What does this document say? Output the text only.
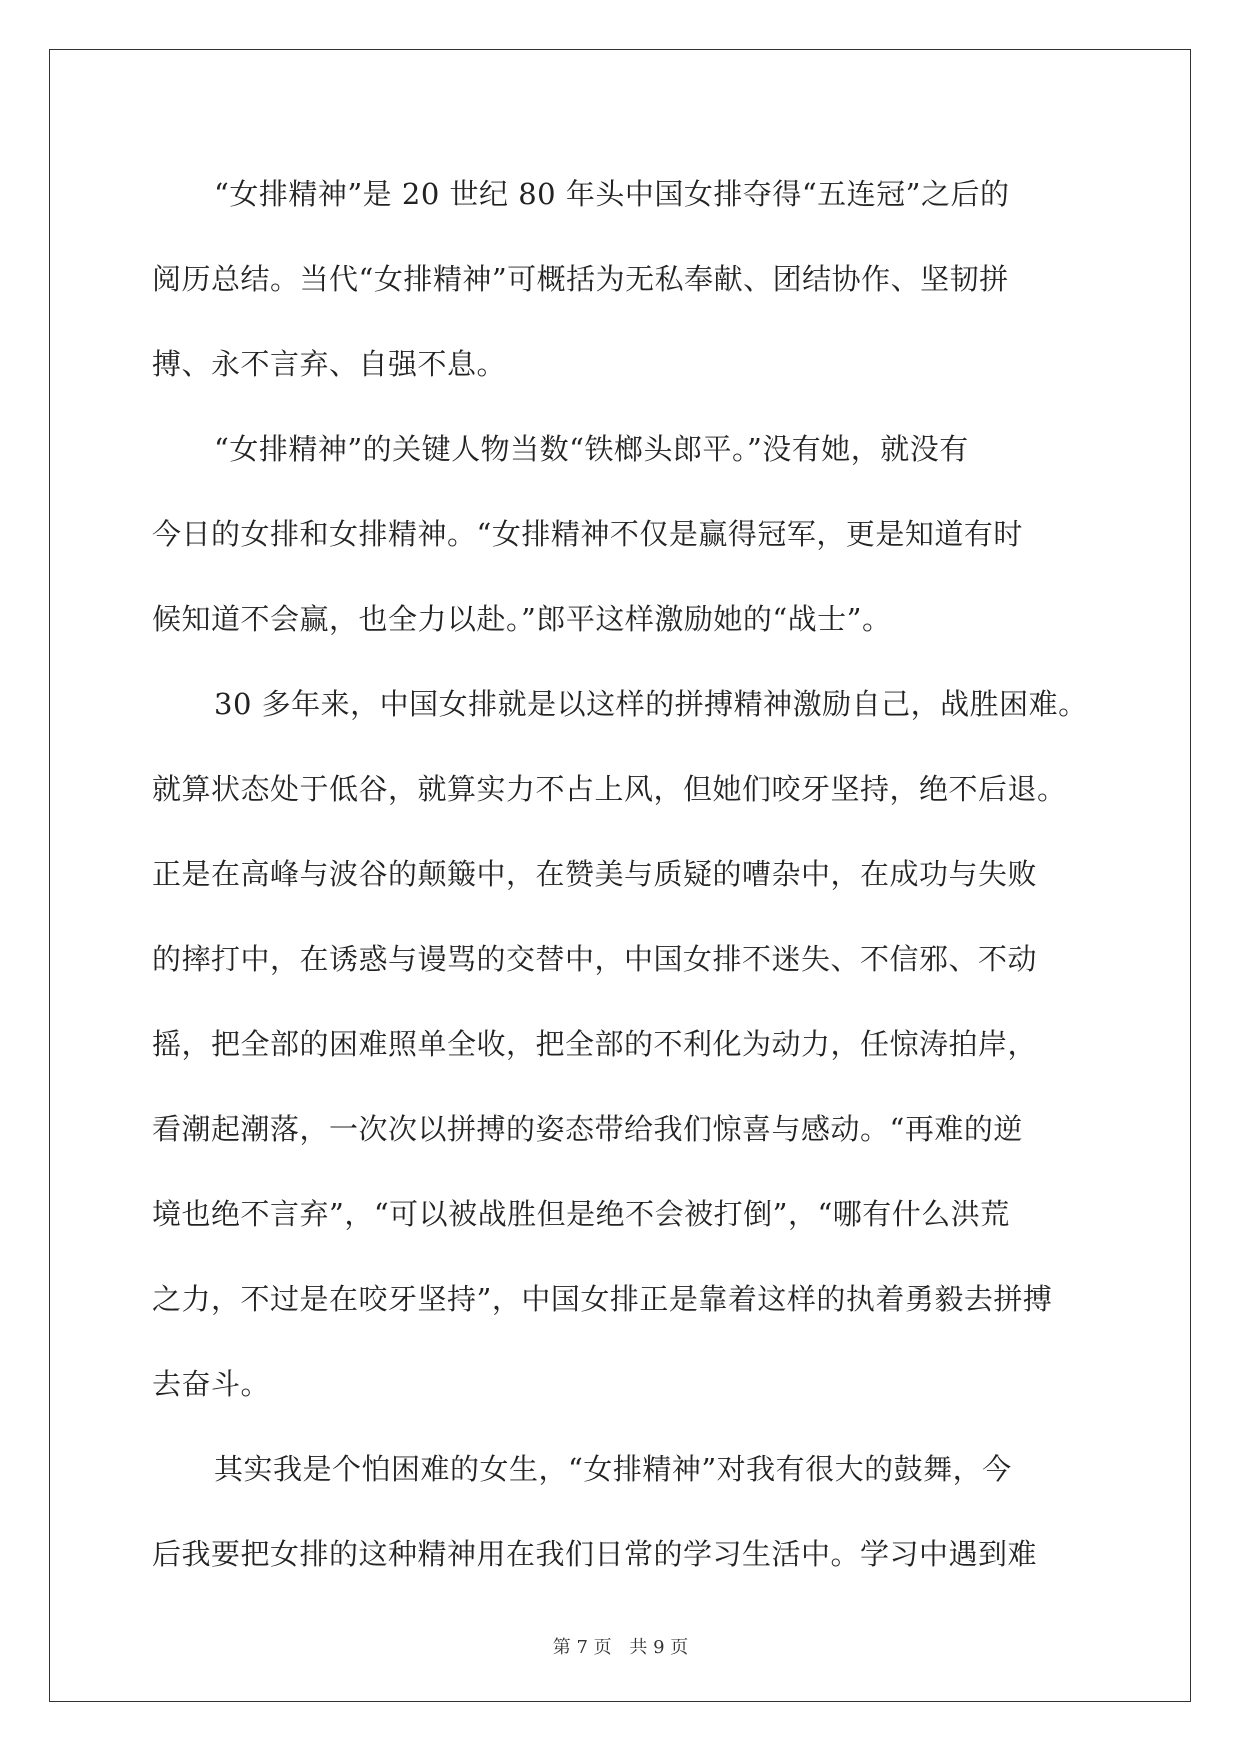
“女排精神”是 20 世纪 80 年头中国女排夺得“五连冠”之后的
阅历总结。当代“女排精神”可概括为无私奉献、团结协作、坚韧拼
搏、永不言弃、自强不息。
“女排精神”的关键人物当数“铁榔头郎平。”没有她，就没有
今日的女排和女排精神。“女排精神不仅是赢得冠军，更是知道有时
候知道不会赢，也全力以赴。”郎平这样激励她的“战士”。
30 多年来，中国女排就是以这样的拼搏精神激励自己，战胜困难。
就算状态处于低谷，就算实力不占上风，但她们咬牙坚持，绝不后退。
正是在高峰与波谷的颠簸中，在赞美与质疑的嘈杂中，在成功与失败
的摔打中，在诱惑与谩骂的交替中，中国女排不迷失、不信邪、不动
摇，把全部的困难照单全收，把全部的不利化为动力，任惊涛拍岸，
看潮起潮落，一次次以拼搏的姿态带给我们惊喜与感动。“再难的逆
境也绝不言弃”，“可以被战胜但是绝不会被打倒”，“哪有什么洪荒
之力，不过是在咬牙坚持”，中国女排正是靠着这样的执着勇毅去拼搏
去奋斗。
其实我是个怕困难的女生，“女排精神”对我有很大的鼓舞，今
后我要把女排的这种精神用在我们日常的学习生活中。学习中遇到难
第 7 页 共 9 页
